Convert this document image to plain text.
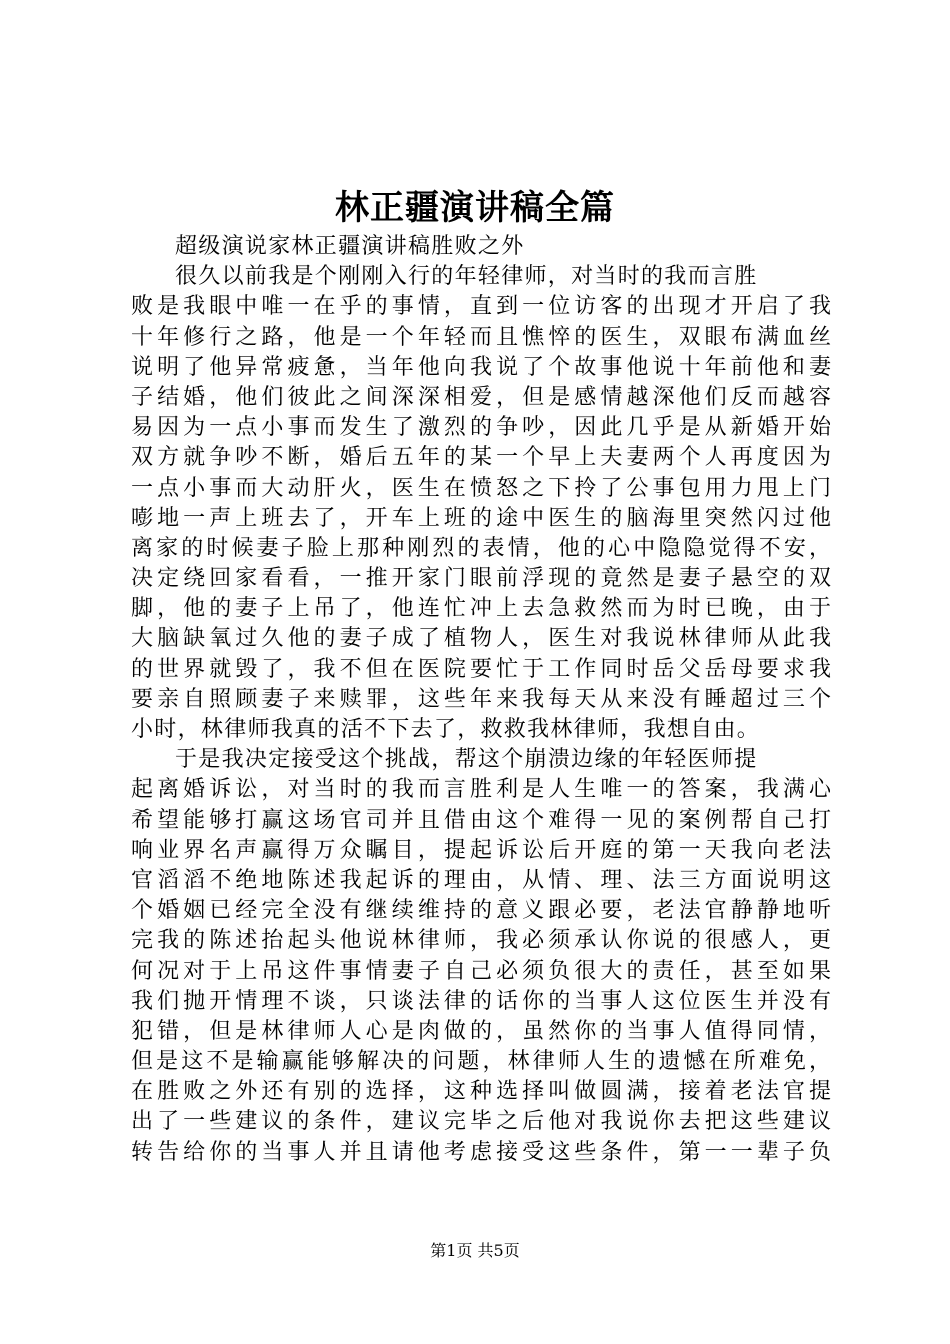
林正疆演讲稿全篇
超级演说家林正疆演讲稿胜败之外
很久以前我是个刚刚入行的年轻律师，对当时的我而言胜
败是我眼中唯一在乎的事情，直到一位访客的出现才开启了我
十年修行之路，他是一个年轻而且憔悴的医生，双眼布满血丝
说明了他异常疲惫，当年他向我说了个故事他说十年前他和妻
子结婚，他们彼此之间深深相爱，但是感情越深他们反而越容
易因为一点小事而发生了激烈的争吵，因此几乎是从新婚开始
双方就争吵不断，婚后五年的某一个早上夫妻两个人再度因为
一点小事而大动肝火，医生在愤怒之下拎了公事包用力甩上门
嘭地一声上班去了，开车上班的途中医生的脑海里突然闪过他
离家的时候妻子脸上那种刚烈的表情，他的心中隐隐觉得不安，
决定绕回家看看，一推开家门眼前浮现的竟然是妻子悬空的双
脚，他的妻子上吊了，他连忙冲上去急救然而为时已晚，由于
大脑缺氧过久他的妻子成了植物人，医生对我说林律师从此我
的世界就毁了，我不但在医院要忙于工作同时岳父岳母要求我
要亲自照顾妻子来赎罪，这些年来我每天从来没有睡超过三个
小时，林律师我真的活不下去了，救救我林律师，我想自由。
于是我决定接受这个挑战，帮这个崩溃边缘的年轻医师提
起离婚诉讼，对当时的我而言胜利是人生唯一的答案，我满心
希望能够打赢这场官司并且借由这个难得一见的案例帮自己打
响业界名声赢得万众瞩目，提起诉讼后开庭的第一天我向老法
官滔滔不绝地陈述我起诉的理由，从情、理、法三方面说明这
个婚姻已经完全没有继续维持的意义跟必要，老法官静静地听
完我的陈述抬起头他说林律师，我必须承认你说的很感人，更
何况对于上吊这件事情妻子自己必须负很大的责任，甚至如果
我们抛开情理不谈，只谈法律的话你的当事人这位医生并没有
犯错，但是林律师人心是肉做的，虽然你的当事人值得同情，
但是这不是输赢能够解决的问题，林律师人生的遗憾在所难免，
在胜败之外还有别的选择，这种选择叫做圆满，接着老法官提
出了一些建议的条件，建议完毕之后他对我说你去把这些建议
转告给你的当事人并且请他考虑接受这些条件，第一一辈子负
第1页 共5页
